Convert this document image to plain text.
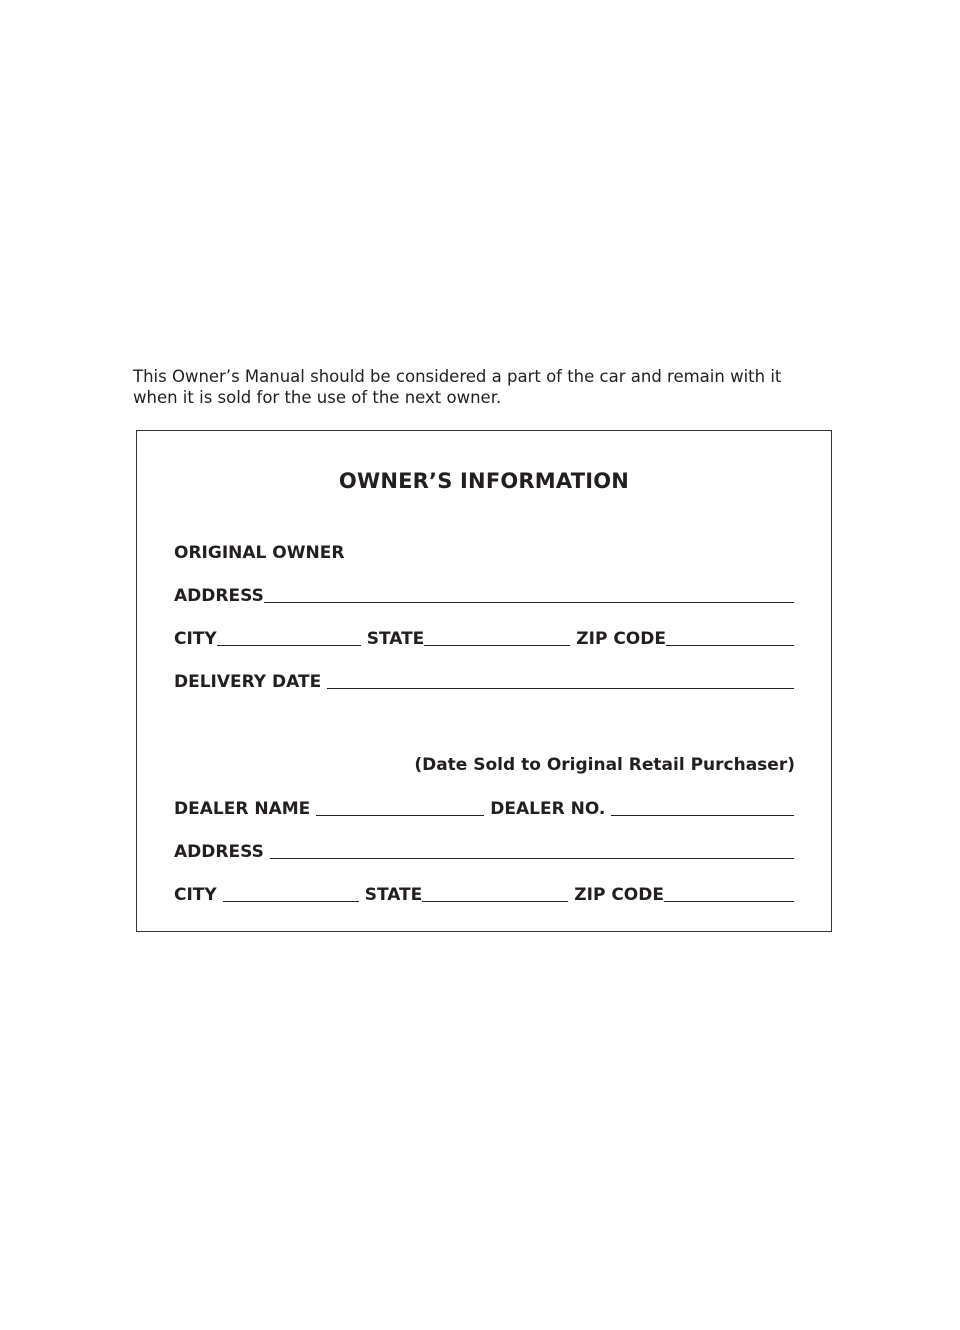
This Owner’s Manual should be considered a part of the car and remain with it
when it is sold for the use of the next owner.

OWNER’S INFORMATION
ORIGINAL OWNER
ADDRESS
CITY	STATE	ZIP CODE
DELIVERY DATE
(Date Sold to Original Retail Purchaser)
DEALER NAME	DEALER NO.
ADDRESS
CITY	STATE	ZIP CODE
